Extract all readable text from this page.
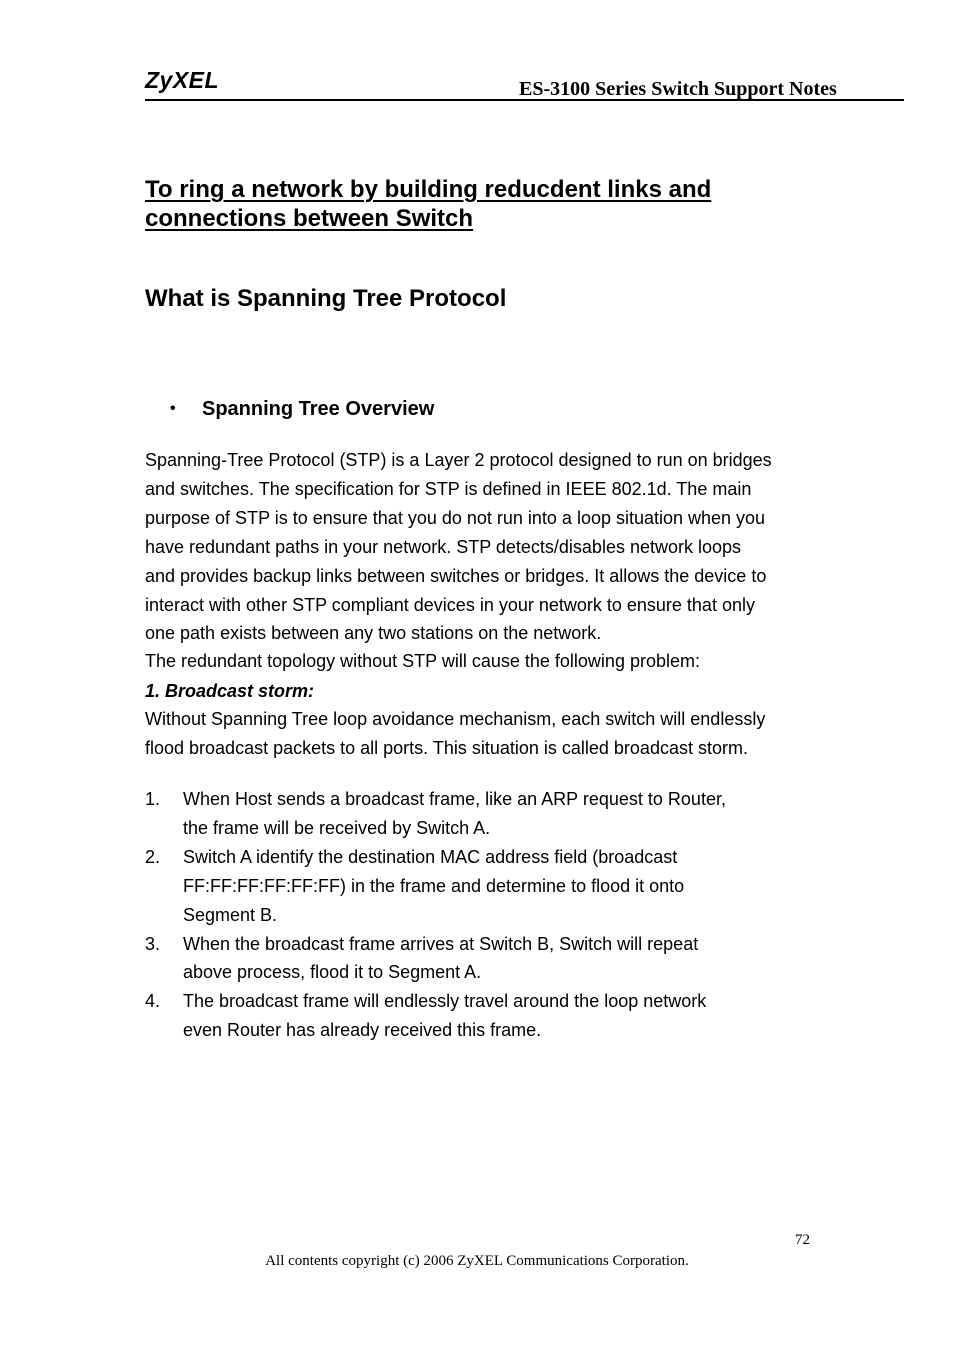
ZyXEL	ES-3100 Series Switch Support Notes
To ring a network by building reducdent links and
connections between Switch
What is Spanning Tree Protocol
• Spanning Tree Overview

Spanning-Tree Protocol (STP) is a Layer 2 protocol designed to run on bridges

and switches. The specification for STP is defined in IEEE 802.1d. The main

purpose of STP is to ensure that you do not run into a loop situation when you

have redundant paths in your network. STP detects/disables network loops

and provides backup links between switches or bridges. It allows the device to

interact with other STP compliant devices in your network to ensure that only

one path exists between any two stations on the network.

The redundant topology without STP will cause the following problem:
1. Broadcast storm:

Without Spanning Tree loop avoidance mechanism, each switch will endlessly

flood broadcast packets to all ports. This situation is called broadcast storm.

1. When Host sends a broadcast frame, like an ARP request to Router,
the frame will be received by Switch A.
2. Switch A identify the destination MAC address field (broadcast
FF:FF:FF:FF:FF:FF) in the frame and determine to flood it onto
Segment B.
3. When the broadcast frame arrives at Switch B, Switch will repeat
above process, flood it to Segment A.
4. The broadcast frame will endlessly travel around the loop network
even Router has already received this frame.
72
All contents copyright (c) 2006 ZyXEL Communications Corporation.
